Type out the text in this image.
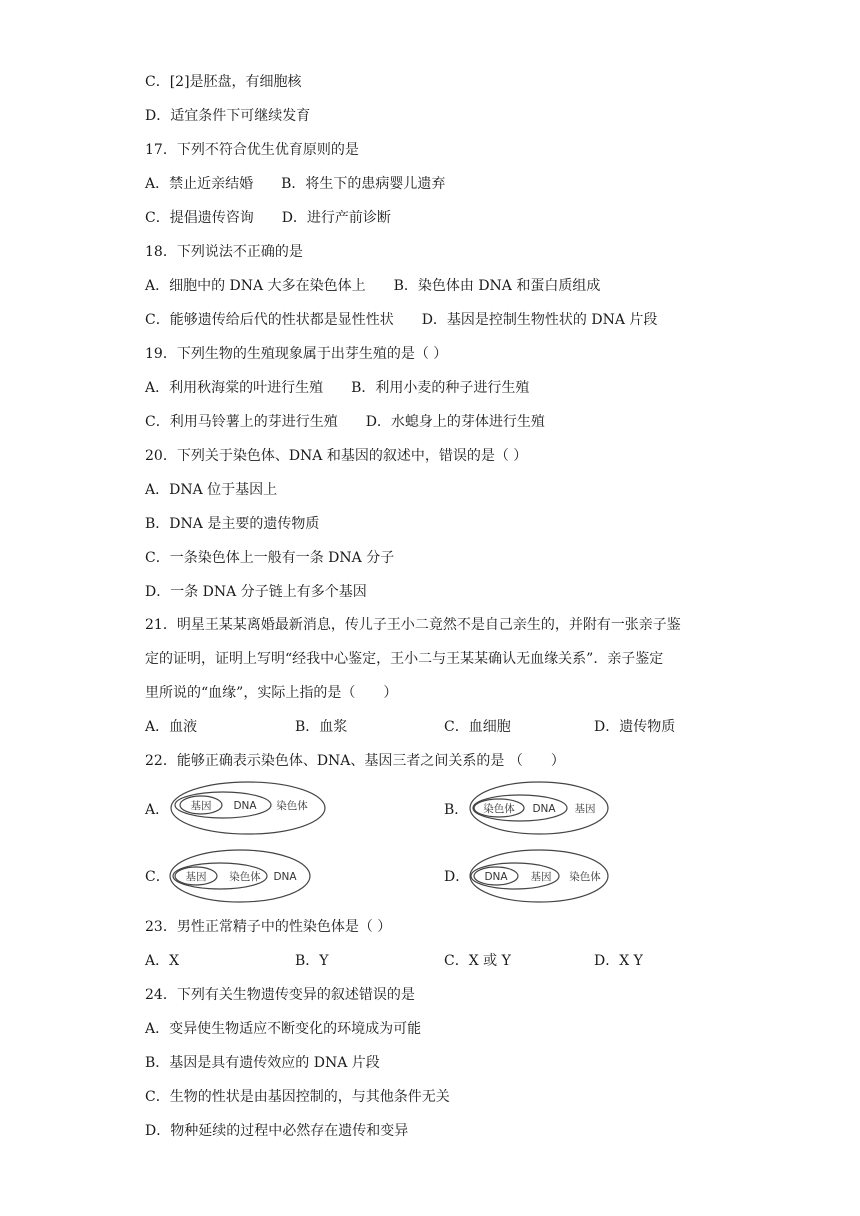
C．[2]是胚盘，有细胞核
D．适宜条件下可继续发育
17．下列不符合优生优育原则的是
A．禁止近亲结婚　　B．将生下的患病婴儿遗弃
C．提倡遗传咨询　　D．进行产前诊断
18．下列说法不正确的是
A．细胞中的 DNA 大多在染色体上　　B．染色体由 DNA 和蛋白质组成
C．能够遗传给后代的性状都是显性性状　　D．基因是控制生物性状的 DNA 片段
19．下列生物的生殖现象属于出芽生殖的是（ ）
A．利用秋海棠的叶进行生殖　　B．利用小麦的种子进行生殖
C．利用马铃薯上的芽进行生殖　　D．水螅身上的芽体进行生殖
20．下列关于染色体、DNA 和基因的叙述中，错误的是（ ）
A．DNA 位于基因上
B．DNA 是主要的遗传物质
C．一条染色体上一般有一条 DNA 分子
D．一条 DNA 分子链上有多个基因
21．明星王某某离婚最新消息，传儿子王小二竟然不是自己亲生的，并附有一张亲子鉴
定的证明，证明上写明“经我中心鉴定，王小二与王某某确认无血缘关系”．亲子鉴定
里所说的“血缘”，实际上指的是（　　）
A．血液	B．血浆	C．血细胞	D．遗传物质
22．能够正确表示染色体、DNA、基因三者之间关系的是 （　　）
A． 基因 DNA 染色体	B． 染色体 DNA 基因
C． 基因 染色体 DNA	D． DNA 基因 染色体
23．男性正常精子中的性染色体是（ ）
A．X	B．Y	C．X 或 Y	D．X Y
24．下列有关生物遗传变异的叙述错误的是
A．变异使生物适应不断变化的环境成为可能
B．基因是具有遗传效应的 DNA 片段
C．生物的性状是由基因控制的，与其他条件无关
D．物种延续的过程中必然存在遗传和变异
